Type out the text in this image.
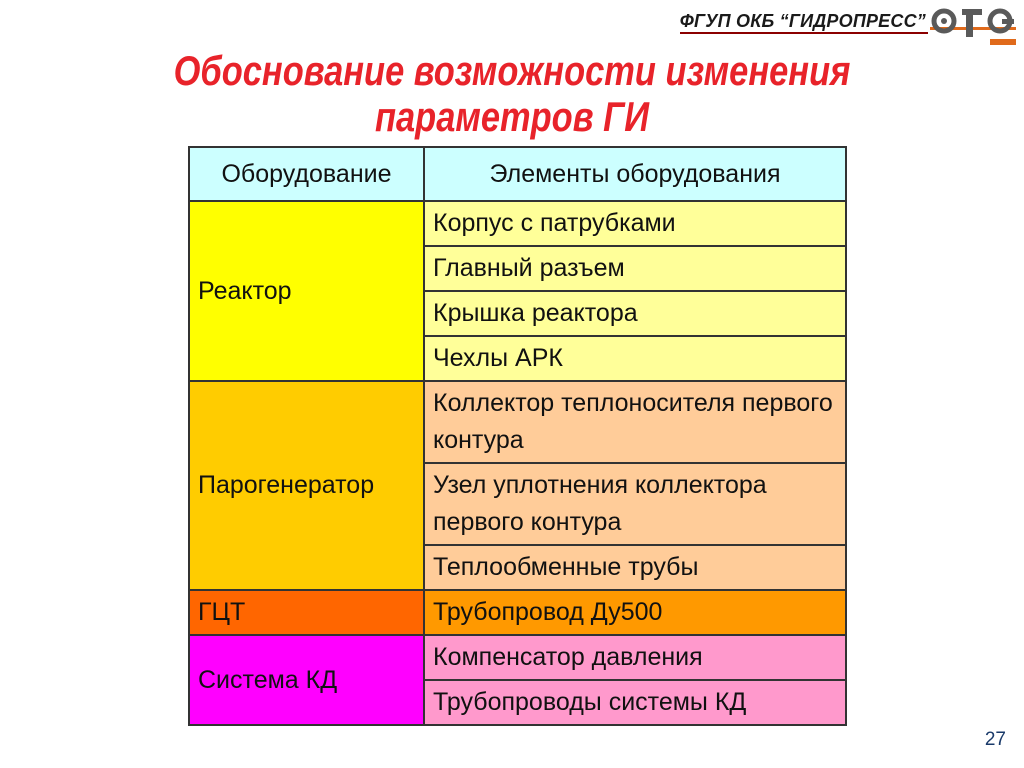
ФГУП ОКБ “ГИДРОПРЕСС”
Обоснование возможности изменения
параметров ГИ
Оборудование	Элементы оборудования
Реактор	Корпус с патрубками
	Главный разъем
	Крышка реактора
	Чехлы АРК
Парогенератор	Коллектор теплоносителя первого контура
	Узел уплотнения коллектора первого контура
	Теплообменные трубы
ГЦТ	Трубопровод Ду500
Система КД	Компенсатор давления
	Трубопроводы системы КД
27
